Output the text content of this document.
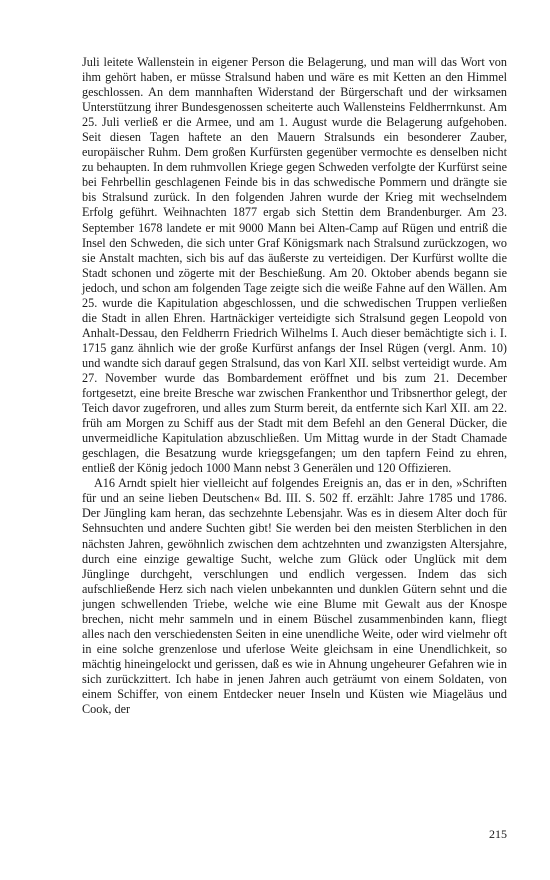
Juli leitete Wallenstein in eigener Person die Belagerung, und man will das Wort von ihm gehört haben, er müsse Stralsund haben und wäre es mit Ketten an den Himmel geschlossen. An dem mannhaften Widerstand der Bürgerschaft und der wirksamen Unterstützung ihrer Bundesgenossen scheiterte auch Wallensteins Feldherrnkunst. Am 25. Juli verließ er die Armee, und am 1. August wurde die Belagerung aufgehoben. Seit diesen Tagen haftete an den Mauern Stralsunds ein besonderer Zauber, europäischer Ruhm. Dem großen Kurfürsten gegenüber vermochte es denselben nicht zu behaupten. In dem ruhmvollen Kriege gegen Schweden verfolgte der Kurfürst seine bei Fehrbellin geschlagenen Feinde bis in das schwedische Pommern und drängte sie bis Stralsund zurück. In den folgenden Jahren wurde der Krieg mit wechselndem Erfolg geführt. Weihnachten 1877 ergab sich Stettin dem Brandenburger. Am 23. September 1678 landete er mit 9000 Mann bei Alten-Camp auf Rügen und entriß die Insel den Schweden, die sich unter Graf Königsmark nach Stralsund zurückzogen, wo sie Anstalt machten, sich bis auf das äußerste zu verteidigen. Der Kurfürst wollte die Stadt schonen und zögerte mit der Beschießung. Am 20. Oktober abends begann sie jedoch, und schon am folgenden Tage zeigte sich die weiße Fahne auf den Wällen. Am 25. wurde die Kapitulation abgeschlossen, und die schwedischen Truppen verließen die Stadt in allen Ehren. Hartnäckiger verteidigte sich Stralsund gegen Leopold von Anhalt-Dessau, den Feldherrn Friedrich Wilhelms I. Auch dieser bemächtigte sich i. I. 1715 ganz ähnlich wie der große Kurfürst anfangs der Insel Rügen (vergl. Anm. 10) und wandte sich darauf gegen Stralsund, das von Karl XII. selbst verteidigt wurde. Am 27. November wurde das Bombardement eröffnet und bis zum 21. December fortgesetzt, eine breite Bresche war zwischen Frankenthor und Tribsnerthor gelegt, der Teich davor zugefroren, und alles zum Sturm bereit, da entfernte sich Karl XII. am 22. früh am Morgen zu Schiff aus der Stadt mit dem Befehl an den General Dücker, die unvermeidliche Kapitulation abzuschließen. Um Mittag wurde in der Stadt Chamade geschlagen, die Besatzung wurde kriegsgefangen; um den tapfern Feind zu ehren, entließ der König jedoch 1000 Mann nebst 3 Generälen und 120 Offizieren.

A16 Arndt spielt hier vielleicht auf folgendes Ereignis an, das er in den, »Schriften für und an seine lieben Deutschen« Bd. III. S. 502 ff. erzählt: Jahre 1785 und 1786. Der Jüngling kam heran, das sechzehnte Lebensjahr. Was es in diesem Alter doch für Sehnsuchten und andere Suchten gibt! Sie werden bei den meisten Sterblichen in den nächsten Jahren, gewöhnlich zwischen dem achtzehnten und zwanzigsten Altersjahre, durch eine einzige gewaltige Sucht, welche zum Glück oder Unglück mit dem Jünglinge durchgeht, verschlungen und endlich vergessen. Indem das sich aufschließende Herz sich nach vielen unbekannten und dunklen Gütern sehnt und die jungen schwellenden Triebe, welche wie eine Blume mit Gewalt aus der Knospe brechen, nicht mehr sammeln und in einem Büschel zusammenbinden kann, fliegt alles nach den verschiedensten Seiten in eine unendliche Weite, oder wird vielmehr oft in eine solche grenzenlose und uferlose Weite gleichsam in eine Unendlichkeit, so mächtig hineingelockt und gerissen, daß es wie in Ahnung ungeheurer Gefahren wie in sich zurückzittert. Ich habe in jenen Jahren auch geträumt von einem Soldaten, von einem Schiffer, von einem Entdecker neuer Inseln und Küsten wie Miageläus und Cook, der

215
